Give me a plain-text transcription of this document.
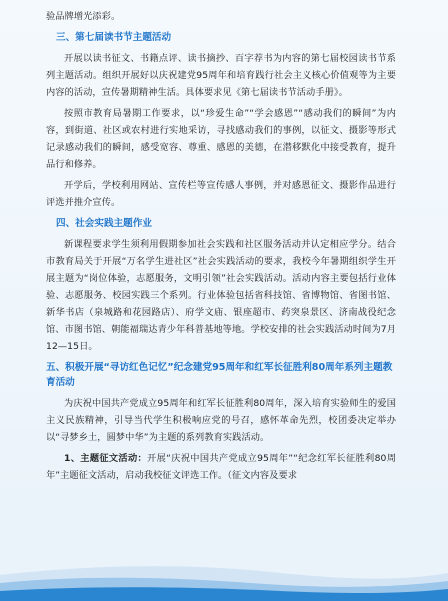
验品牌增光添彩。

三、第七届读书节主题活动

开展以读书征文、书籍点评、读书摘抄、百字荐书为内容的第七届校园读书节系列主题活动。组织开展好以庆祝建党95周年和培育践行社会主义核心价值观等为主要内容的活动，宣传暑期精神生活。具体要求见《第七届读书节活动手册》。

按照市教育局暑期工作要求，以“珍爱生命”“学会感恩”“感动我们的瞬间”为内容，到街道、社区或农村进行实地采访，寻找感动我们的事例，以征文、摄影等形式记录感动我们的瞬间，感受宽容、尊重、感恩的美德，在潜移默化中接受教育，提升品行和修养。

开学后，学校利用网站、宣传栏等宣传感人事例，并对感恩征文、摄影作品进行评选并推介宣传。

四、社会实践主题作业

新课程要求学生须利用假期参加社会实践和社区服务活动并认定相应学分。结合市教育局关于开展“万名学生进社区”社会实践活动的要求，我校今年暑期组织学生开展主题为“岗位体验，志愿服务，文明引领”社会实践活动。活动内容主要包括行业体验、志愿服务、校园实践三个系列。行业体验包括省科技馆、省博物馆、省图书馆、新华书店（泉城路和花园路店）、府学文庙、银座超市、药突泉景区、济南战役纪念馆、市图书馆、朝能福瑞达青少年科普基地等地。学校安排的社会实践活动时间为7月12—15日。

五、积极开展“寻访红色记忆”纪念建党95周年和红军长征胜利80周年系列主题教育活动

为庆祝中国共产党成立95周年和红军长征胜利80周年，深入培育实验师生的爱国主义民族精神，引导当代学生积极响应党的号召，感怀革命先烈，校团委决定举办以“寻梦乡土，圆梦中华”为主题的系列教育实践活动。

1、主题征文活动：开展“庆祝中国共产党成立95周年”“纪念红军长征胜利80周年”主题征文活动，启动我校征文评选工作。（征文内容及要求
